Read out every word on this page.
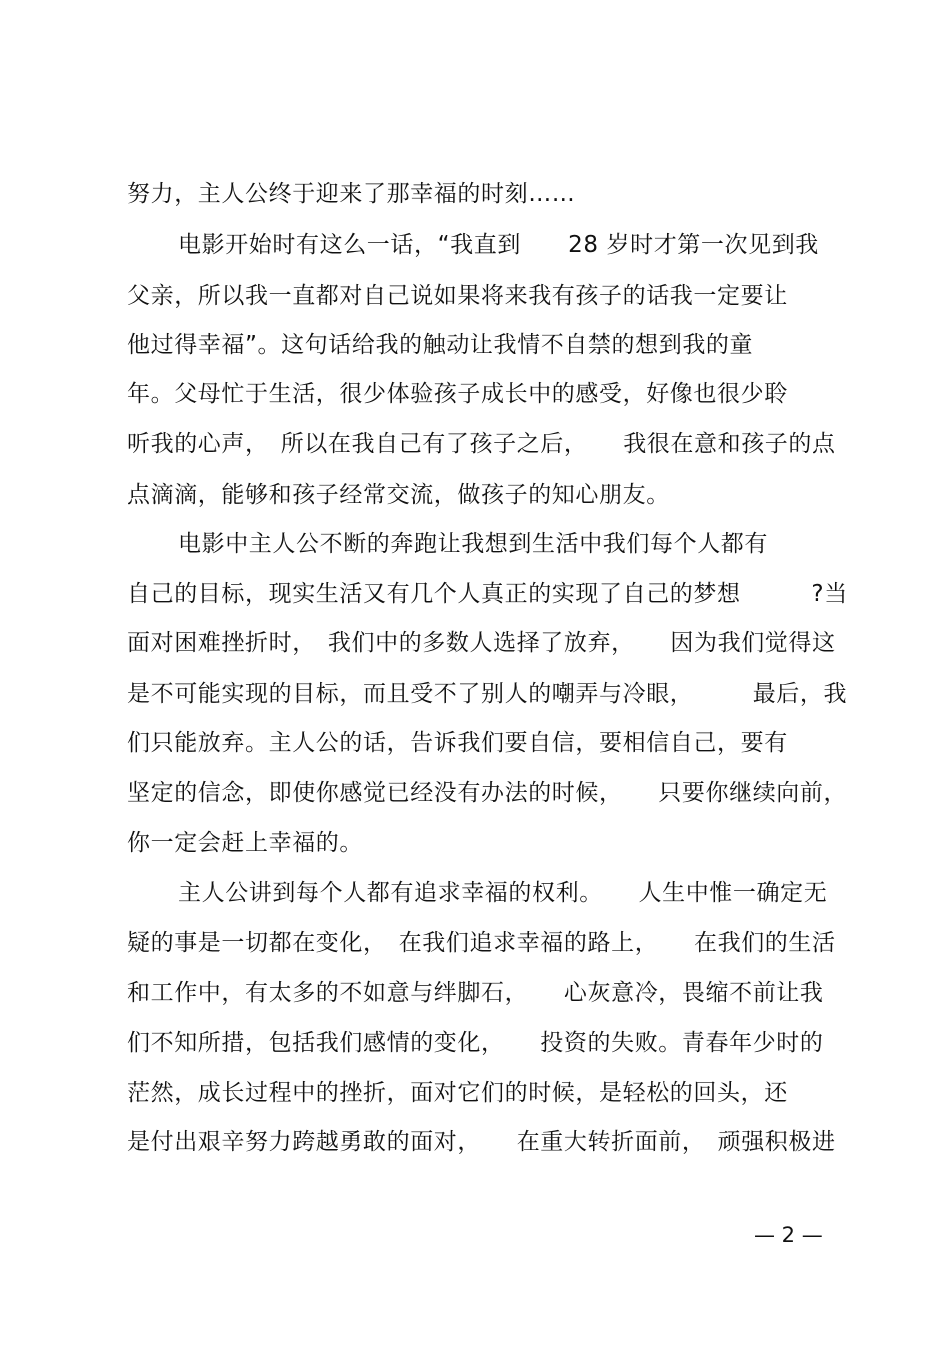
努力，主人公终于迎来了那幸福的时刻……
电影开始时有这么一话，“我直到　　28 岁时才第一次见到我
父亲，所以我一直都对自己说如果将来我有孩子的话我一定要让
他过得幸福”。这句话给我的触动让我情不自禁的想到我的童
年。父母忙于生活，很少体验孩子成长中的感受，好像也很少聆
听我的心声，　所以在我自己有了孩子之后，　　我很在意和孩子的点
点滴滴，能够和孩子经常交流，做孩子的知心朋友。
电影中主人公不断的奔跑让我想到生活中我们每个人都有
自己的目标，现实生活又有几个人真正的实现了自己的梦想　　　?当
面对困难挫折时，　我们中的多数人选择了放弃，　　因为我们觉得这
是不可能实现的目标，而且受不了别人的嘲弄与冷眼，　　　最后，我
们只能放弃。主人公的话，告诉我们要自信，要相信自己，要有
坚定的信念，即使你感觉已经没有办法的时候，　　只要你继续向前，
你一定会赶上幸福的。
主人公讲到每个人都有追求幸福的权利。　　人生中惟一确定无
疑的事是一切都在变化，　在我们追求幸福的路上，　　在我们的生活
和工作中，有太多的不如意与绊脚石，　　心灰意冷，畏缩不前让我
们不知所措，包括我们感情的变化，　　投资的失败。青春年少时的
茫然，成长过程中的挫折，面对它们的时候，是轻松的回头，还
是付出艰辛努力跨越勇敢的面对，　　在重大转折面前，　顽强积极进
— 2 —
